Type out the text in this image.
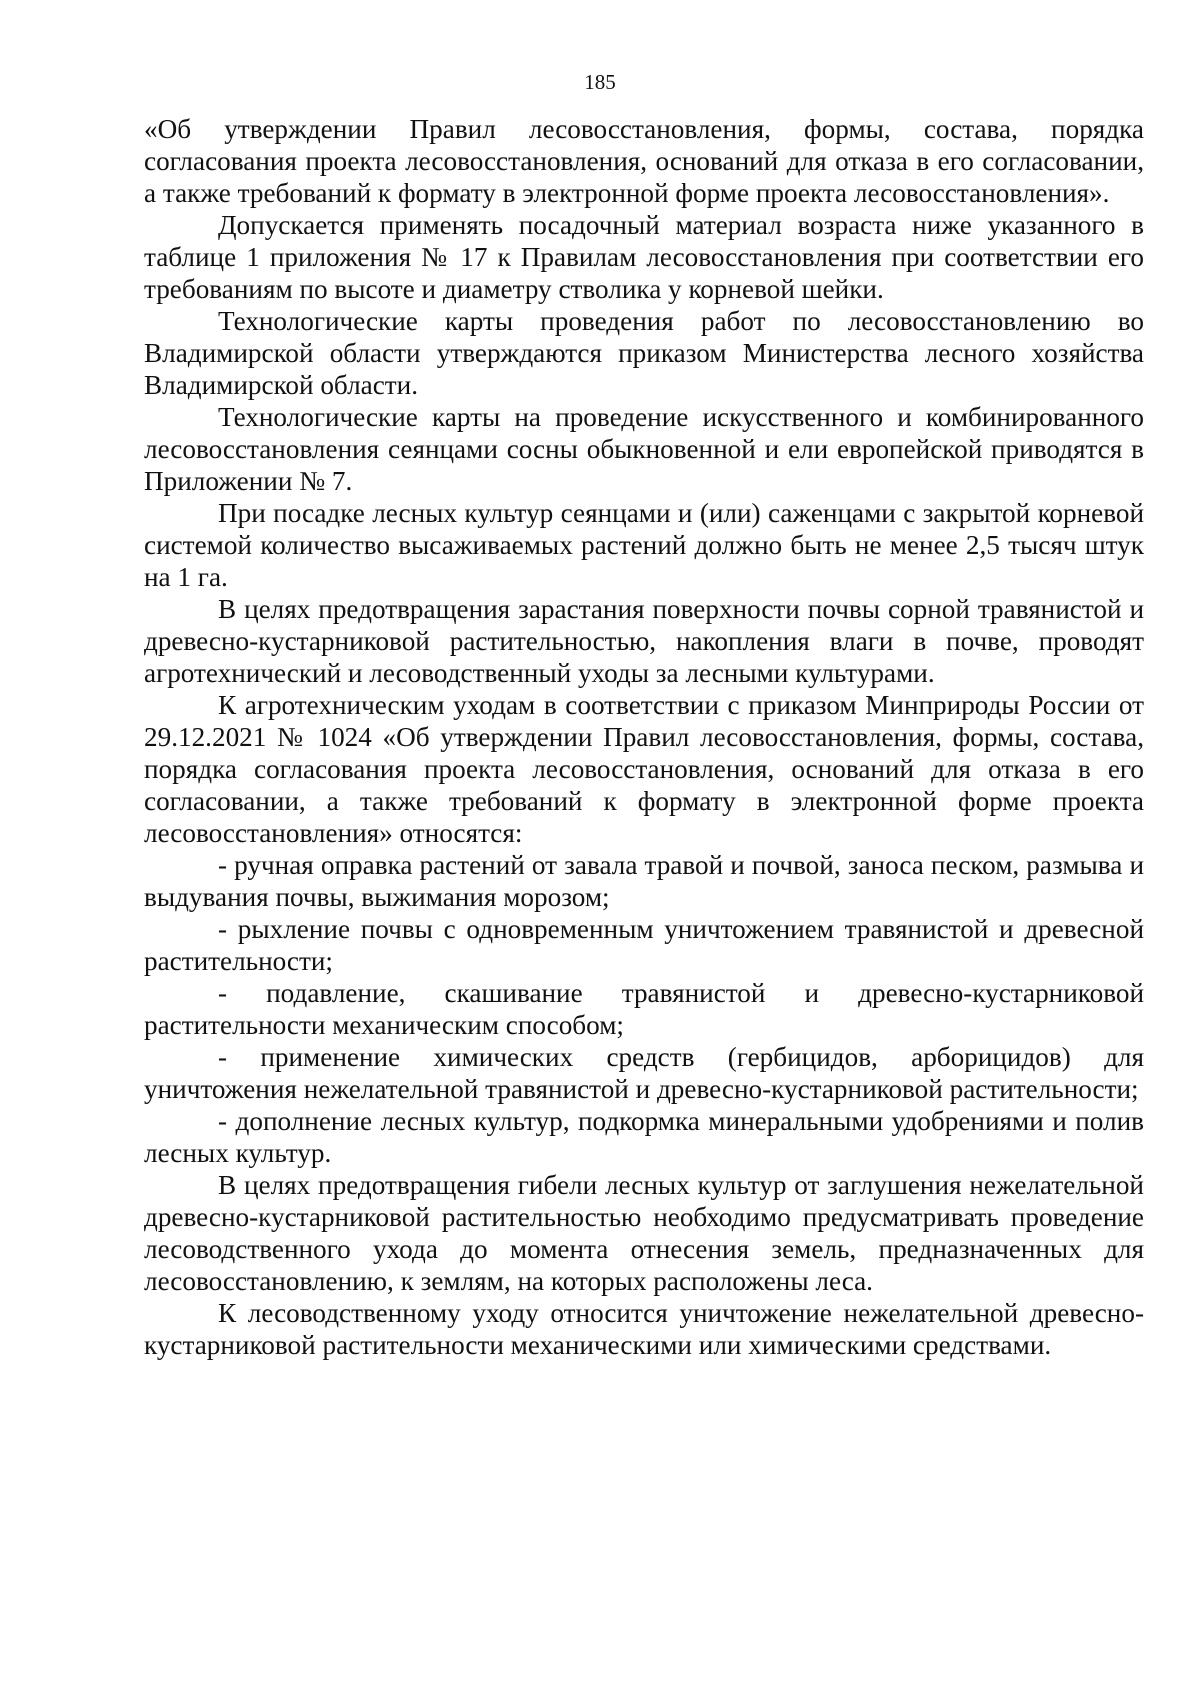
185

«Об утверждении Правил лесовосстановления, формы, состава, порядка согласования проекта лесовосстановления, оснований для отказа в его согласовании, а также требований к формату в электронной форме проекта лесовосстановления».

Допускается применять посадочный материал возраста ниже указанного в таблице 1 приложения № 17 к Правилам лесовосстановления при соответствии его требованиям по высоте и диаметру стволика у корневой шейки.

Технологические карты проведения работ по лесовосстановлению во Владимирской области утверждаются приказом Министерства лесного хозяйства Владимирской области.

Технологические карты на проведение искусственного и комбинированного лесовосстановления сеянцами сосны обыкновенной и ели европейской приводятся в Приложении № 7.

При посадке лесных культур сеянцами и (или) саженцами с закрытой корневой системой количество высаживаемых растений должно быть не менее 2,5 тысяч штук на 1 га.

В целях предотвращения зарастания поверхности почвы сорной травянистой и древесно-кустарниковой растительностью, накопления влаги в почве, проводят агротехнический и лесоводственный уходы за лесными культурами.

К агротехническим уходам в соответствии с приказом Минприроды России от 29.12.2021 № 1024 «Об утверждении Правил лесовосстановления, формы, состава, порядка согласования проекта лесовосстановления, оснований для отказа в его согласовании, а также требований к формату в электронной форме проекта лесовосстановления» относятся:

- ручная оправка растений от завала травой и почвой, заноса песком, размыва и выдувания почвы, выжимания морозом;

- рыхление почвы с одновременным уничтожением травянистой и древесной растительности;

- подавление, скашивание травянистой и древесно-кустарниковой растительности механическим способом;

- применение химических средств (гербицидов, арборицидов) для уничтожения нежелательной травянистой и древесно-кустарниковой растительности;

- дополнение лесных культур, подкормка минеральными удобрениями и полив лесных культур.

В целях предотвращения гибели лесных культур от заглушения нежелательной древесно-кустарниковой растительностью необходимо предусматривать проведение лесоводственного ухода до момента отнесения земель, предназначенных для лесовосстановлению, к землям, на которых расположены леса.

К лесоводственному уходу относится уничтожение нежелательной древесно-кустарниковой растительности механическими или химическими средствами.
